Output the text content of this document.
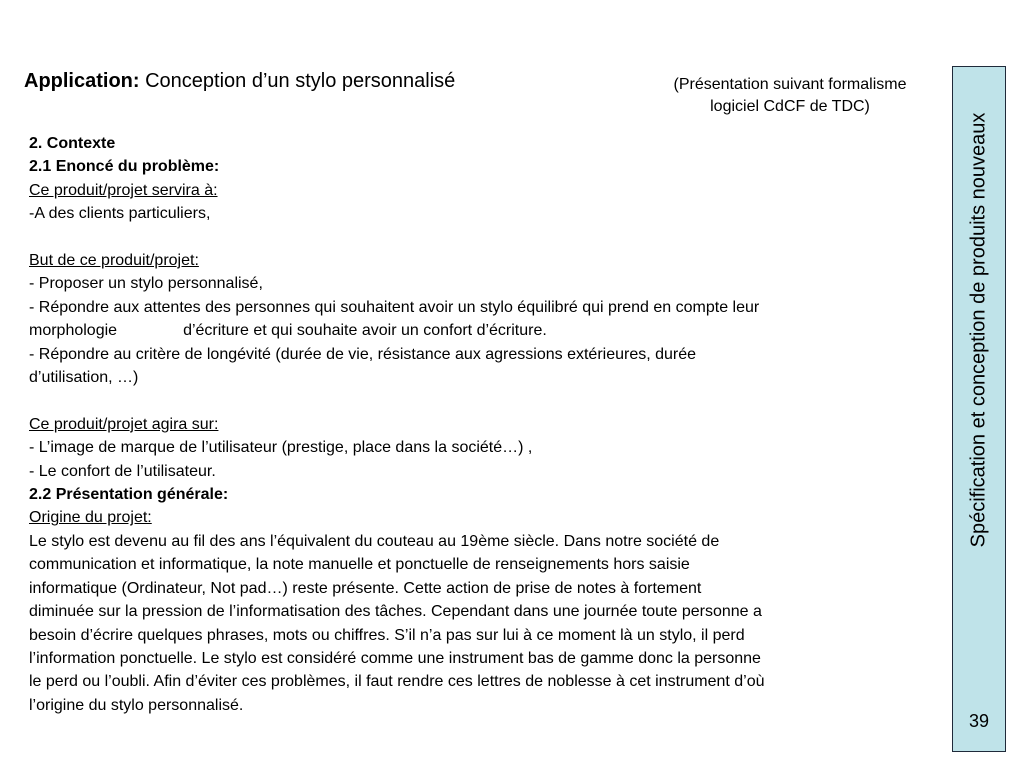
Application: Conception d’un stylo personnalisé	(Présentation suivant formalisme
logiciel CdCF de TDC)

2. Contexte

2.1 Enoncé du problème:

Ce produit/projet servira à:

-A des clients particuliers,

But de ce produit/projet:

- Proposer un stylo personnalisé,

- Répondre aux attentes des personnes qui souhaitent avoir un stylo équilibré qui prend en compte leur

morphologie	d’écriture et qui souhaite avoir un confort d’écriture.

- Répondre au critère de longévité (durée de vie, résistance aux agressions extérieures, durée

d’utilisation, …)

Ce produit/projet agira sur:

- L’image de marque de l’utilisateur (prestige, place dans la société…) ,

- Le confort de l’utilisateur.

2.2 Présentation générale:

Origine du projet:

Le stylo est devenu au fil des ans l’équivalent du couteau au 19ème siècle. Dans notre société de

communication et informatique, la note manuelle et ponctuelle de renseignements hors saisie

informatique (Ordinateur, Not pad…) reste présente. Cette action de prise de notes à fortement

diminuée sur la pression de l’informatisation des tâches. Cependant dans une journée toute personne a

besoin d’écrire quelques phrases, mots ou chiffres. S’il n’a pas sur lui à ce moment là un stylo, il perd

l’information ponctuelle. Le stylo est considéré comme une instrument bas de gamme donc la personne

le perd ou l’oubli. Afin d’éviter ces problèmes, il faut rendre ces lettres de noblesse à cet instrument d’où

l’origine du stylo personnalisé.

Spécification et conception de produits nouveaux
39
